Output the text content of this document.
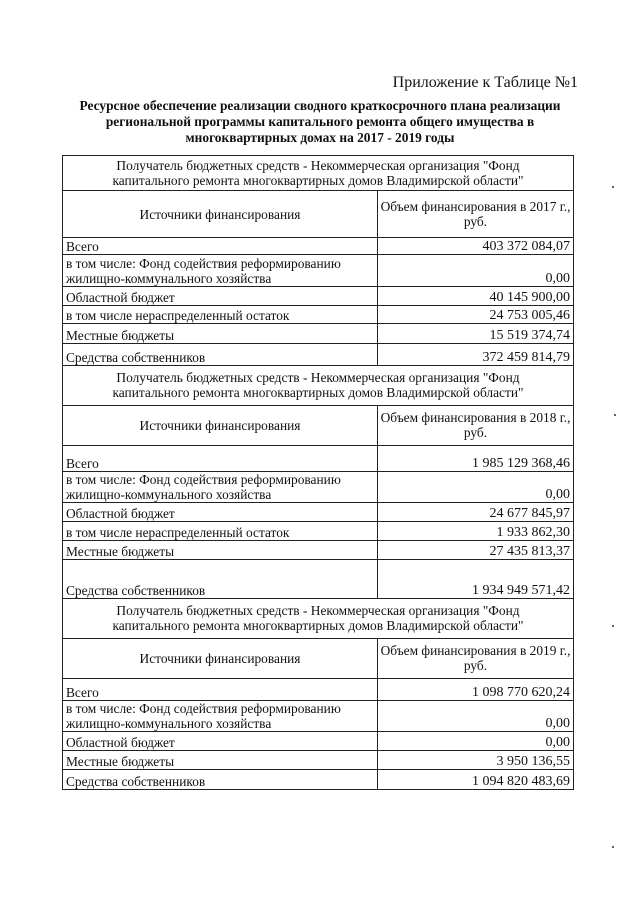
Приложение к Таблице №1
Ресурсное обеспечение реализации сводного краткосрочного плана реализации региональной программы капитального ремонта общего имущества в многоквартирных домах на 2017 - 2019 годы
Получатель бюджетных средств - Некоммерческая организация "Фонд капитального ремонта многоквартирных домов Владимирской области"	
Источники финансирования	Объем финансирования в 2017 г., руб.
Всего	403 372 084,07
в том числе: Фонд содействия реформированию жилищно-коммунального хозяйства	0,00
Областной бюджет	40 145 900,00
в том числе нераспределенный остаток	24 753 005,46
Местные бюджеты	15 519 374,74
Средства собственников	372 459 814,79
Получатель бюджетных средств - Некоммерческая организация "Фонд капитального ремонта многоквартирных домов Владимирской области"	
Источники финансирования	Объем финансирования в 2018 г., руб.
Всего	1 985 129 368,46
в том числе: Фонд содействия реформированию жилищно-коммунального хозяйства	0,00
Областной бюджет	24 677 845,97
в том числе нераспределенный остаток	1 933 862,30
Местные бюджеты	27 435 813,37
Средства собственников	1 934 949 571,42
Получатель бюджетных средств - Некоммерческая организация "Фонд капитального ремонта многоквартирных домов Владимирской области"	
Источники финансирования	Объем финансирования в 2019 г., руб.
Всего	1 098 770 620,24
в том числе: Фонд содействия реформированию жилищно-коммунального хозяйства	0,00
Областной бюджет	0,00
Местные бюджеты	3 950 136,55
Средства собственников	1 094 820 483,69
